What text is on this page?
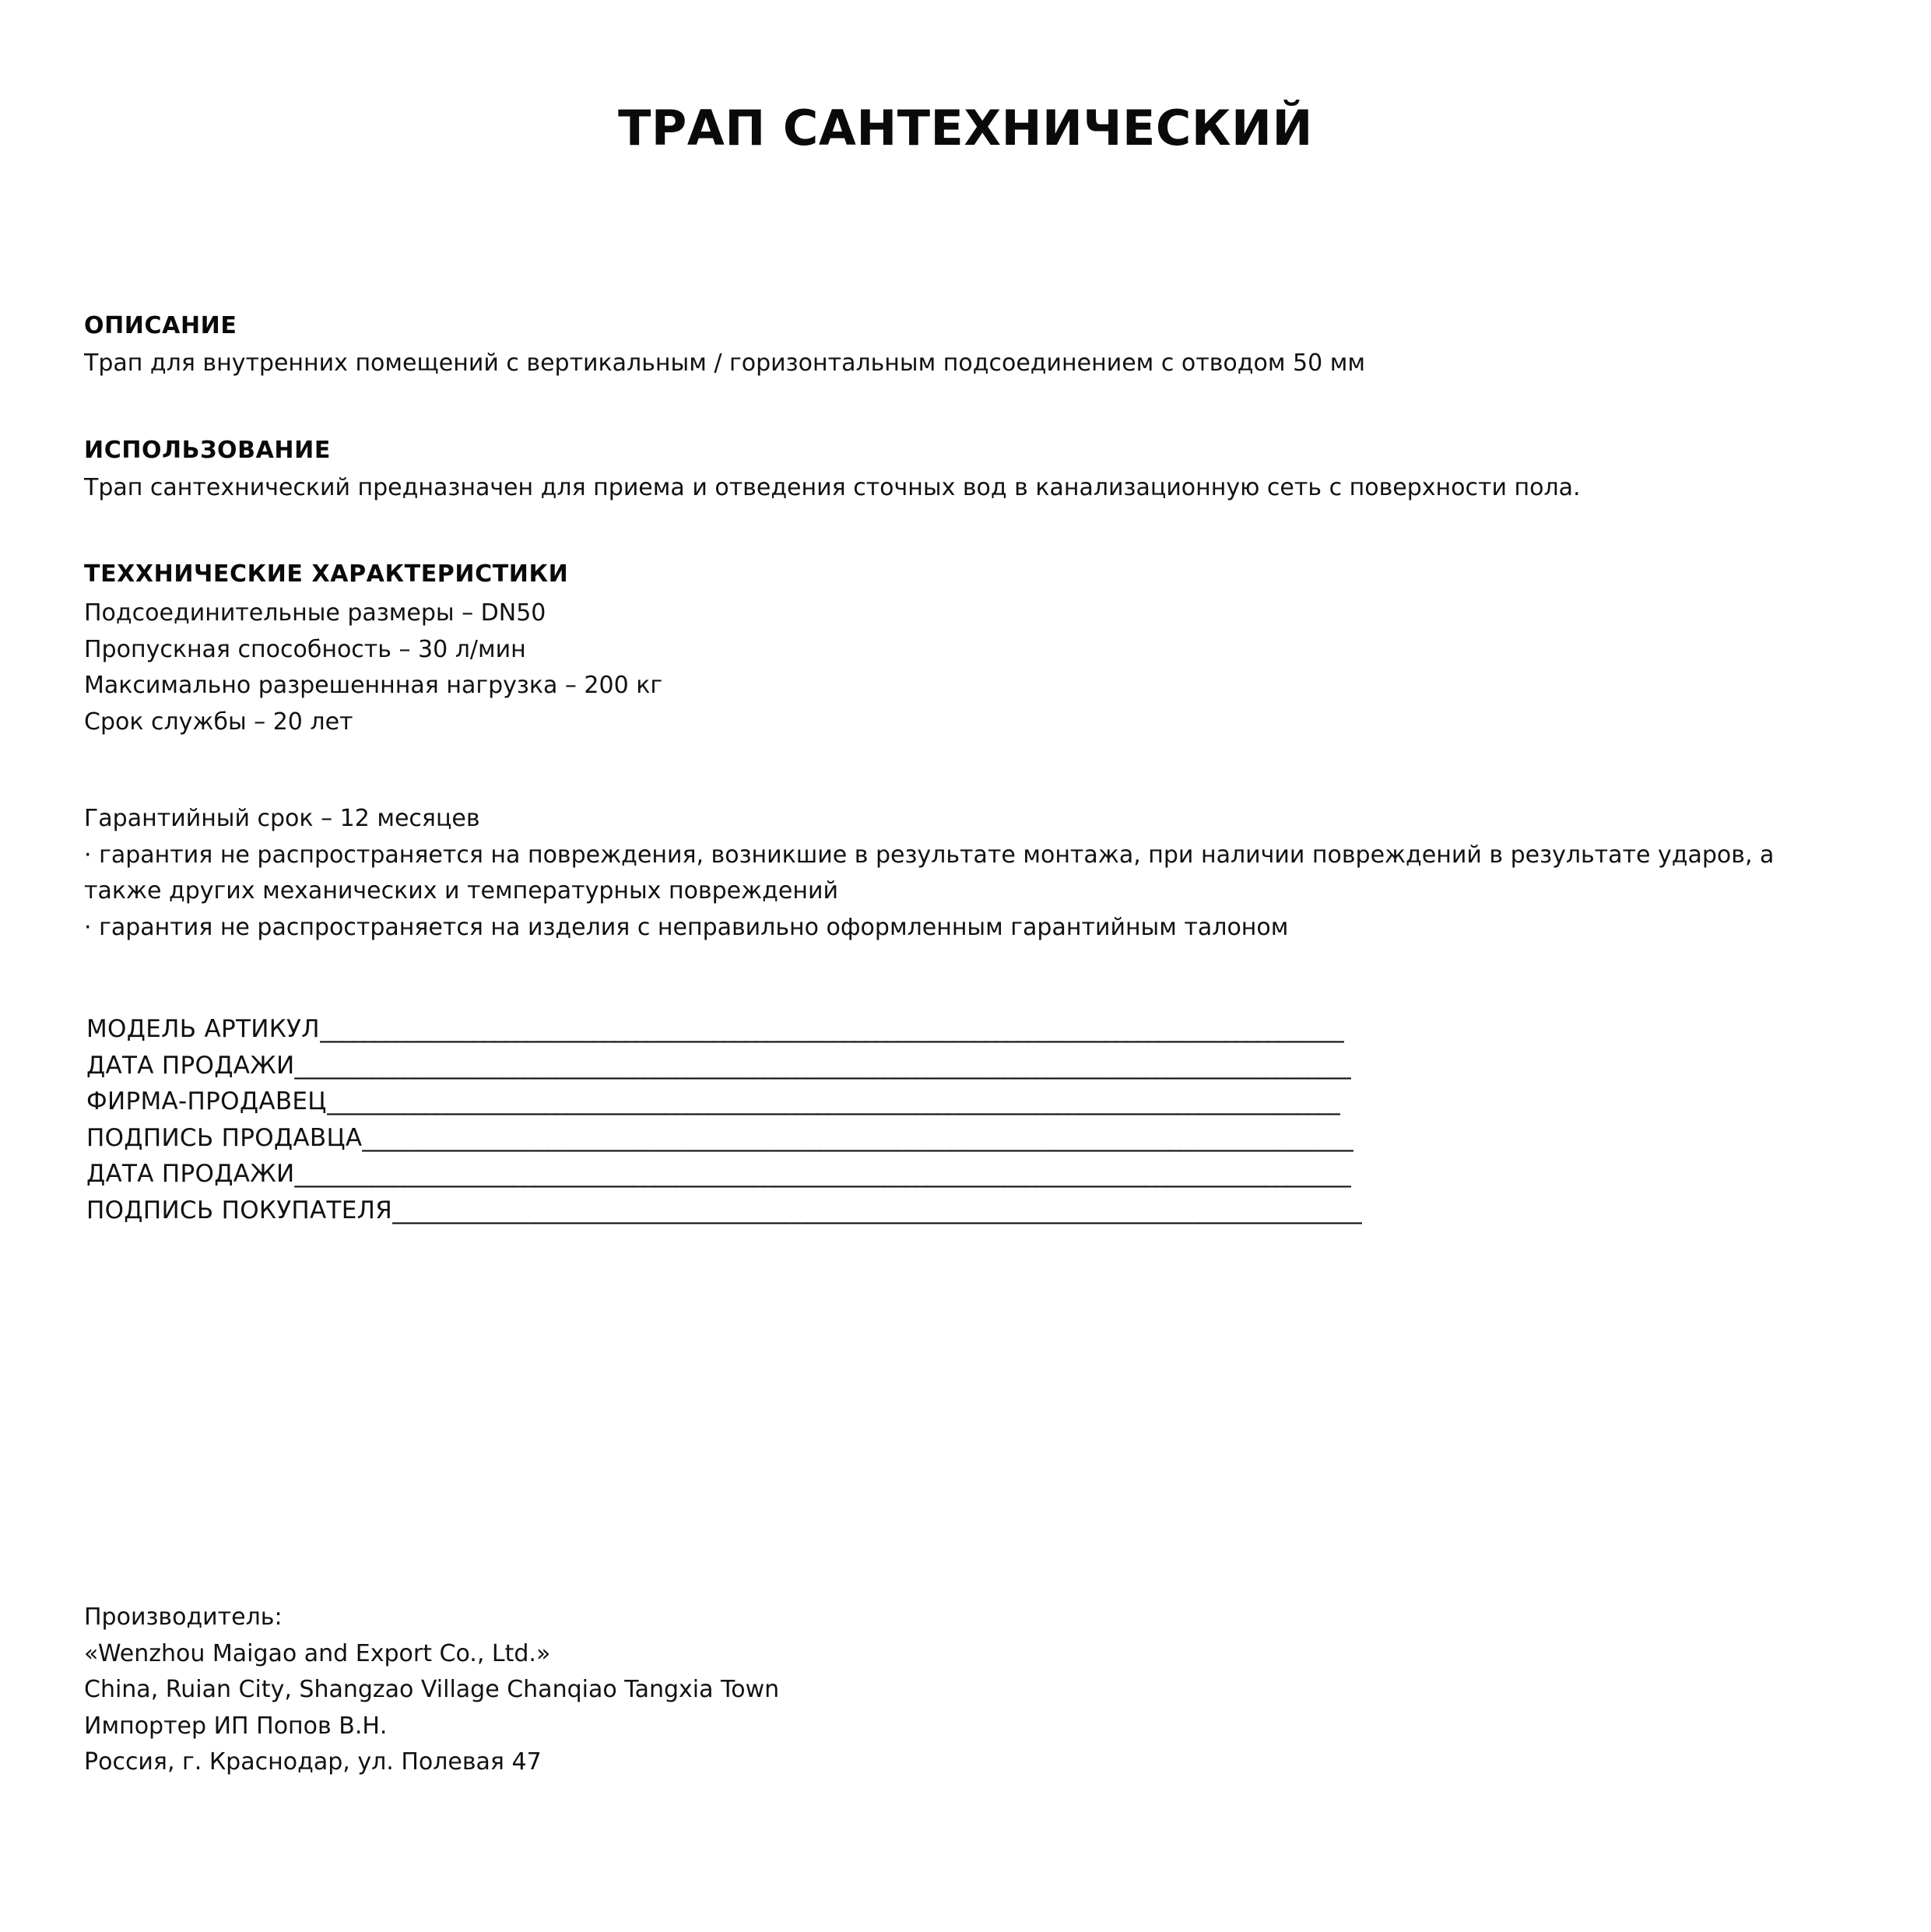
ТРАП САНТЕХНИЧЕСКИЙ
ОПИСАНИЕ

Трап для внутренних помещений с вертикальным / горизонтальным подсоединением с отводом 50 мм

ИСПОЛЬЗОВАНИЕ

Трап сантехнический предназначен для приема и отведения сточных вод в канализационную сеть с поверхности пола.

ТЕХХНИЧЕСКИЕ ХАРАКТЕРИСТИКИ

Подсоединительные размеры – DN50

Пропускная способность – 30 л/мин

Максимально разрешеннная нагрузка – 200 кг

Срок службы – 20 лет

Гарантийный срок – 12 месяцев

· гарантия не распространяется на повреждения, возникшие в результате монтажа, при наличии повреждений в результате ударов, а также других механических и температурных повреждений

· гарантия не распространяется на изделия с неправильно оформленным гарантийным талоном

МОДЕЛЬ АРТИКУЛ ______________________________________________________________________________________________
ДАТА ПРОДАЖИ _________________________________________________________________________________________________
ФИРМА-ПРОДАВЕЦ _____________________________________________________________________________________________
ПОДПИСЬ ПРОДАВЦА ___________________________________________________________________________________________
ДАТА ПРОДАЖИ _________________________________________________________________________________________________
ПОДПИСЬ ПОКУПАТЕЛЯ _________________________________________________________________________________________

Производитель:

«Wenzhou Maigao and Export Co., Ltd.»

China, Ruian City, Shangzao Village Chanqiao Tangxia Town

Импортер ИП Попов В.Н.

Россия, г. Краснодар, ул. Полевая 47
